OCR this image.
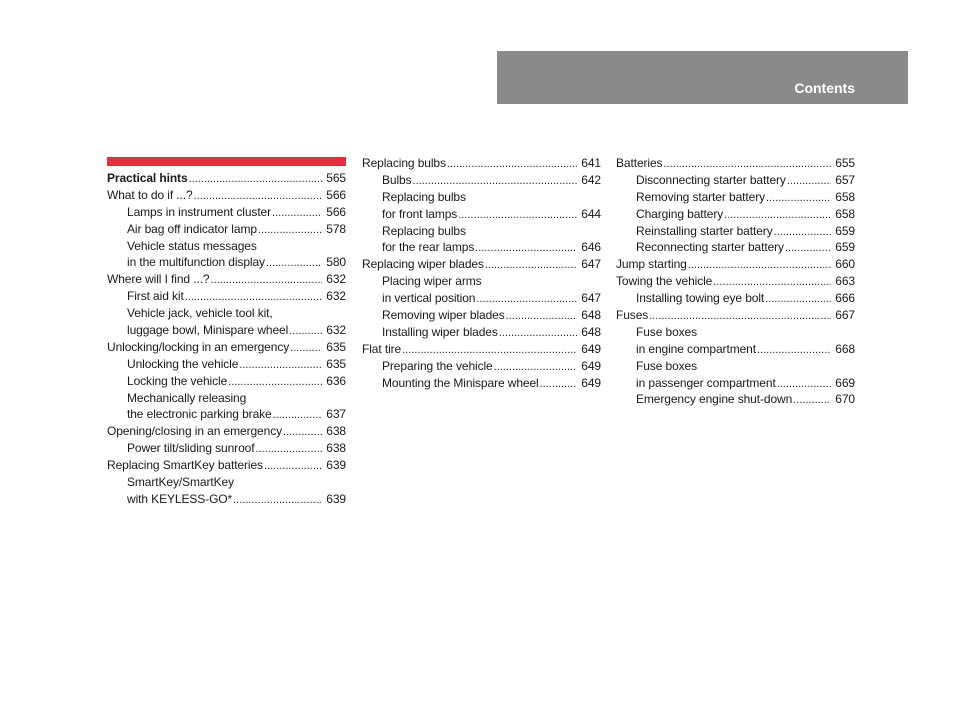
Contents
Practical hints .....	565
What to do if ...? .....	566
Lamps in instrument cluster .....	566
Air bag off indicator lamp .....	578
Vehicle status messages
in the multifunction display .....	580
Where will I find ...? .....	632
First aid kit .....	632
Vehicle jack, vehicle tool kit,
luggage bowl, Minispare wheel .....	632
Unlocking/locking in an emergency .....	635
Unlocking the vehicle .....	635
Locking the vehicle .....	636
Mechanically releasing
the electronic parking brake .....	637
Opening/closing in an emergency .....	638
Power tilt/sliding sunroof .....	638
Replacing SmartKey batteries .....	639
SmartKey/SmartKey
with KEYLESS-GO* .....	639
Replacing bulbs .....	641
Bulbs .....	642
Replacing bulbs
for front lamps .....	644
Replacing bulbs
for the rear lamps .....	646
Replacing wiper blades .....	647
Placing wiper arms
in vertical position .....	647
Removing wiper blades .....	648
Installing wiper blades .....	648
Flat tire .....	649
Preparing the vehicle .....	649
Mounting the Minispare wheel .....	649
Batteries .....	655
Disconnecting starter battery .....	657
Removing starter battery .....	658
Charging battery .....	658
Reinstalling starter battery .....	659
Reconnecting starter battery .....	659
Jump starting .....	660
Towing the vehicle .....	663
Installing towing eye bolt .....	666
Fuses .....	667
Fuse boxes
in engine compartment .....	668
Fuse boxes
in passenger compartment .....	669
Emergency engine shut-down .....	670
